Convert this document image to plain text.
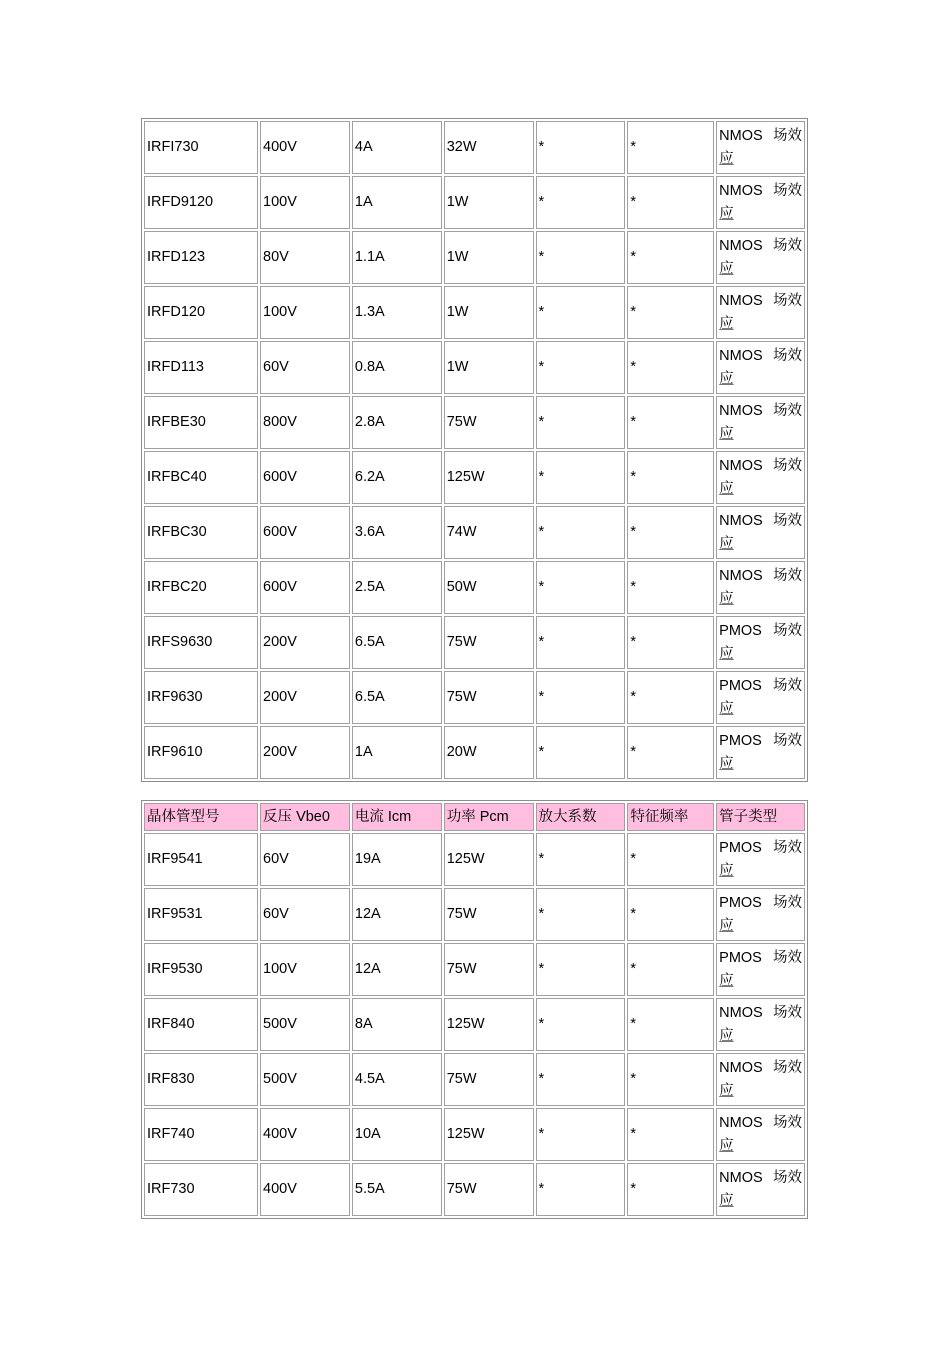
IRFI730	400V	4A	32W	*	*	NMOS 场效
应

IRFD9120	100V	1A	1W	*	*	NMOS 场效
应

IRFD123	80V	1.1A	1W	*	*	NMOS 场效
应

IRFD120	100V	1.3A	1W	*	*	NMOS 场效
应

IRFD113	60V	0.8A	1W	*	*	NMOS 场效
应

IRFBE30	800V	2.8A	75W	*	*	NMOS 场效
应

IRFBC40	600V	6.2A	125W	*	*	NMOS 场效
应

IRFBC30	600V	3.6A	74W	*	*	NMOS 场效
应

IRFBC20	600V	2.5A	50W	*	*	NMOS 场效
应

IRFS9630	200V	6.5A	75W	*	*	PMOS 场效
应

IRF9630	200V	6.5A	75W	*	*	PMOS 场效
应

IRF9610	200V	1A	20W	*	*	PMOS 场效
应
晶体管型号	反压 Vbe0	电流 Icm	功率 Pcm	放大系数	特征频率	管子类型
IRF9541	60V	19A	125W	*	*	PMOS 场效
应

IRF9531	60V	12A	75W	*	*	PMOS 场效
应

IRF9530	100V	12A	75W	*	*	PMOS 场效
应

IRF840	500V	8A	125W	*	*	NMOS 场效
应

IRF830	500V	4.5A	75W	*	*	NMOS 场效
应

IRF740	400V	10A	125W	*	*	NMOS 场效
应

IRF730	400V	5.5A	75W	*	*	NMOS 场效
应
